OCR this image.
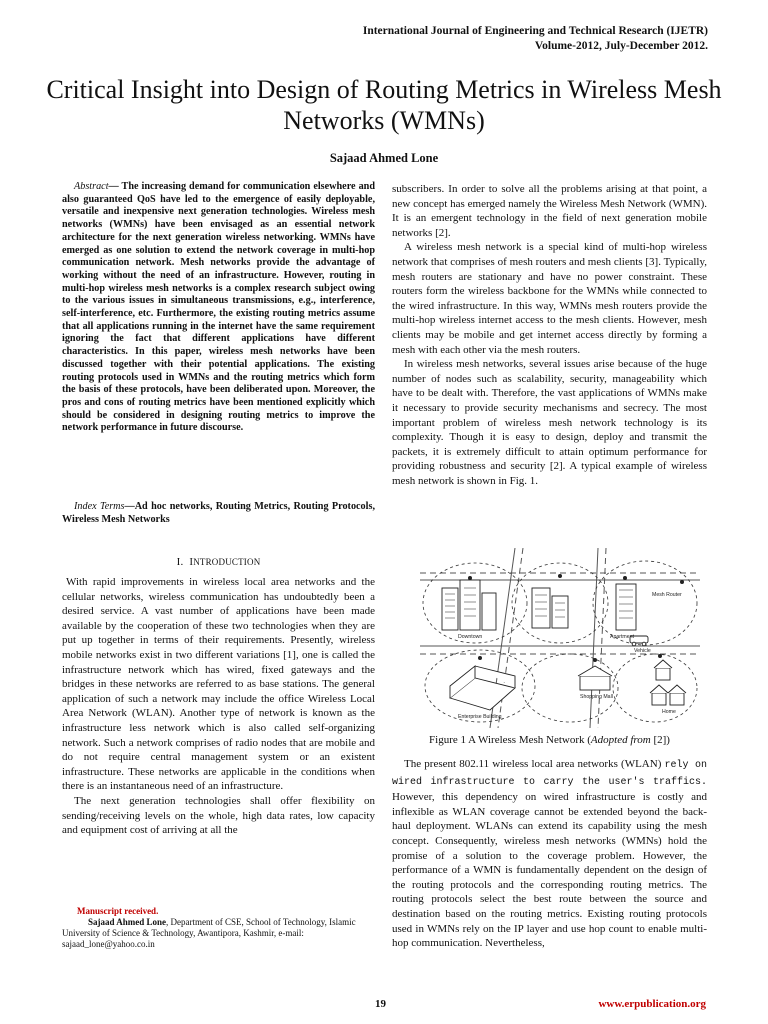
International Journal of Engineering and Technical Research (IJETR)
Volume-2012, July-December 2012.
Critical Insight into Design of Routing Metrics in Wireless Mesh Networks (WMNs)
Sajaad Ahmed Lone

Abstract— The increasing demand for communication elsewhere and also guaranteed QoS have led to the emergence of easily deployable, versatile and inexpensive next generation technologies. Wireless mesh networks (WMNs) have been envisaged as an essential network architecture for the next generation wireless networking. WMNs have emerged as one solution to extend the network coverage in multi-hop communication network. Mesh networks provide the advantage of working without the need of an infrastructure. However, routing in multi-hop wireless mesh networks is a complex research subject owing to the various issues in simultaneous transmissions, e.g., interference, self-interference, etc. Furthermore, the existing routing metrics assume that all applications running in the internet have the same requirement ignoring the fact that different applications have different characteristics. In this paper, wireless mesh networks have been discussed together with their potential applications. The existing routing protocols used in WMNs and the routing metrics which form the basis of these protocols, have been deliberated upon. Moreover, the pros and cons of routing metrics have been mentioned explicitly which should be considered in designing routing metrics to improve the network performance in future discourse.

Index Terms—Ad hoc networks, Routing Metrics, Routing Protocols, Wireless Mesh Networks

I. INTRODUCTION

With rapid improvements in wireless local area networks and the cellular networks, wireless communication has undoubtedly been a desired service. A vast number of applications have been made available by the cooperation of these two technologies when they are put up together in terms of their requirements. Presently, wireless mobile networks exist in two different variations [1], one is called the infrastructure network which has wired, fixed gateways and the bridges in these networks are referred to as base stations. The general application of such a network may include the office Wireless Local Area Network (WLAN). Another type of network is known as the infrastructure less network which is also called self-organizing network. Such a network comprises of radio nodes that are mobile and do not require central management system or an existent infrastructure. These networks are applicable in the conditions when there is an instantaneous need of an infrastructure.

The next generation technologies shall offer flexibility on sending/receiving levels on the whole, high data rates, low capacity and equipment cost of arriving at all the

Manuscript received.

Sajaad Ahmed Lone, Department of CSE, School of Technology, Islamic University of Science & Technology, Awantipora, Kashmir, e-mail: sajaad_lone@yahoo.co.in

subscribers. In order to solve all the problems arising at that point, a new concept has emerged namely the Wireless Mesh Network (WMN). It is an emergent technology in the field of next generation mobile networks [2].

A wireless mesh network is a special kind of multi-hop wireless network that comprises of mesh routers and mesh clients [3]. Typically, mesh routers are stationary and have no power constraint. These routers form the wireless backbone for the WMNs while connected to the wired infrastructure. In this way, WMNs mesh routers provide the multi-hop wireless internet access to the mesh clients. However, mesh clients may be mobile and get internet access directly by forming a mesh with each other via the mesh routers.

In wireless mesh networks, several issues arise because of the huge number of nodes such as scalability, security, manageability which have to be dealt with. Therefore, the vast applications of WMNs make it necessary to provide security mechanisms and secrecy. The most important problem of wireless mesh network technology is its complexity. Though it is easy to design, deploy and transmit the packets, it is extremely difficult to attain optimum performance for providing robustness and security [2]. A typical example of wireless mesh network is shown in Fig. 1.

Mesh Router
Downtown	Apartment
Vehicle
Shopping Mall
Enterprise Building
Home
Figure 1 A Wireless Mesh Network (Adopted from [2])

The present 802.11 wireless local area networks (WLAN) rely on wired infrastructure to carry the user's traffics. However, this dependency on wired infrastructure is costly and inflexible as WLAN coverage cannot be extended beyond the back-haul deployment. WLANs can extend its capability using the mesh concept. Consequently, wireless mesh networks (WMNs) hold the promise of a solution to the coverage problem. However, the performance of a WMN is fundamentally dependent on the design of the routing protocols and the corresponding routing metrics. The routing protocols select the best route between the source and destination based on the routing metrics. Existing routing protocols used in WMNs rely on the IP layer and use hop count to enable multi-hop communication. Nevertheless,

19	www.erpublication.org
